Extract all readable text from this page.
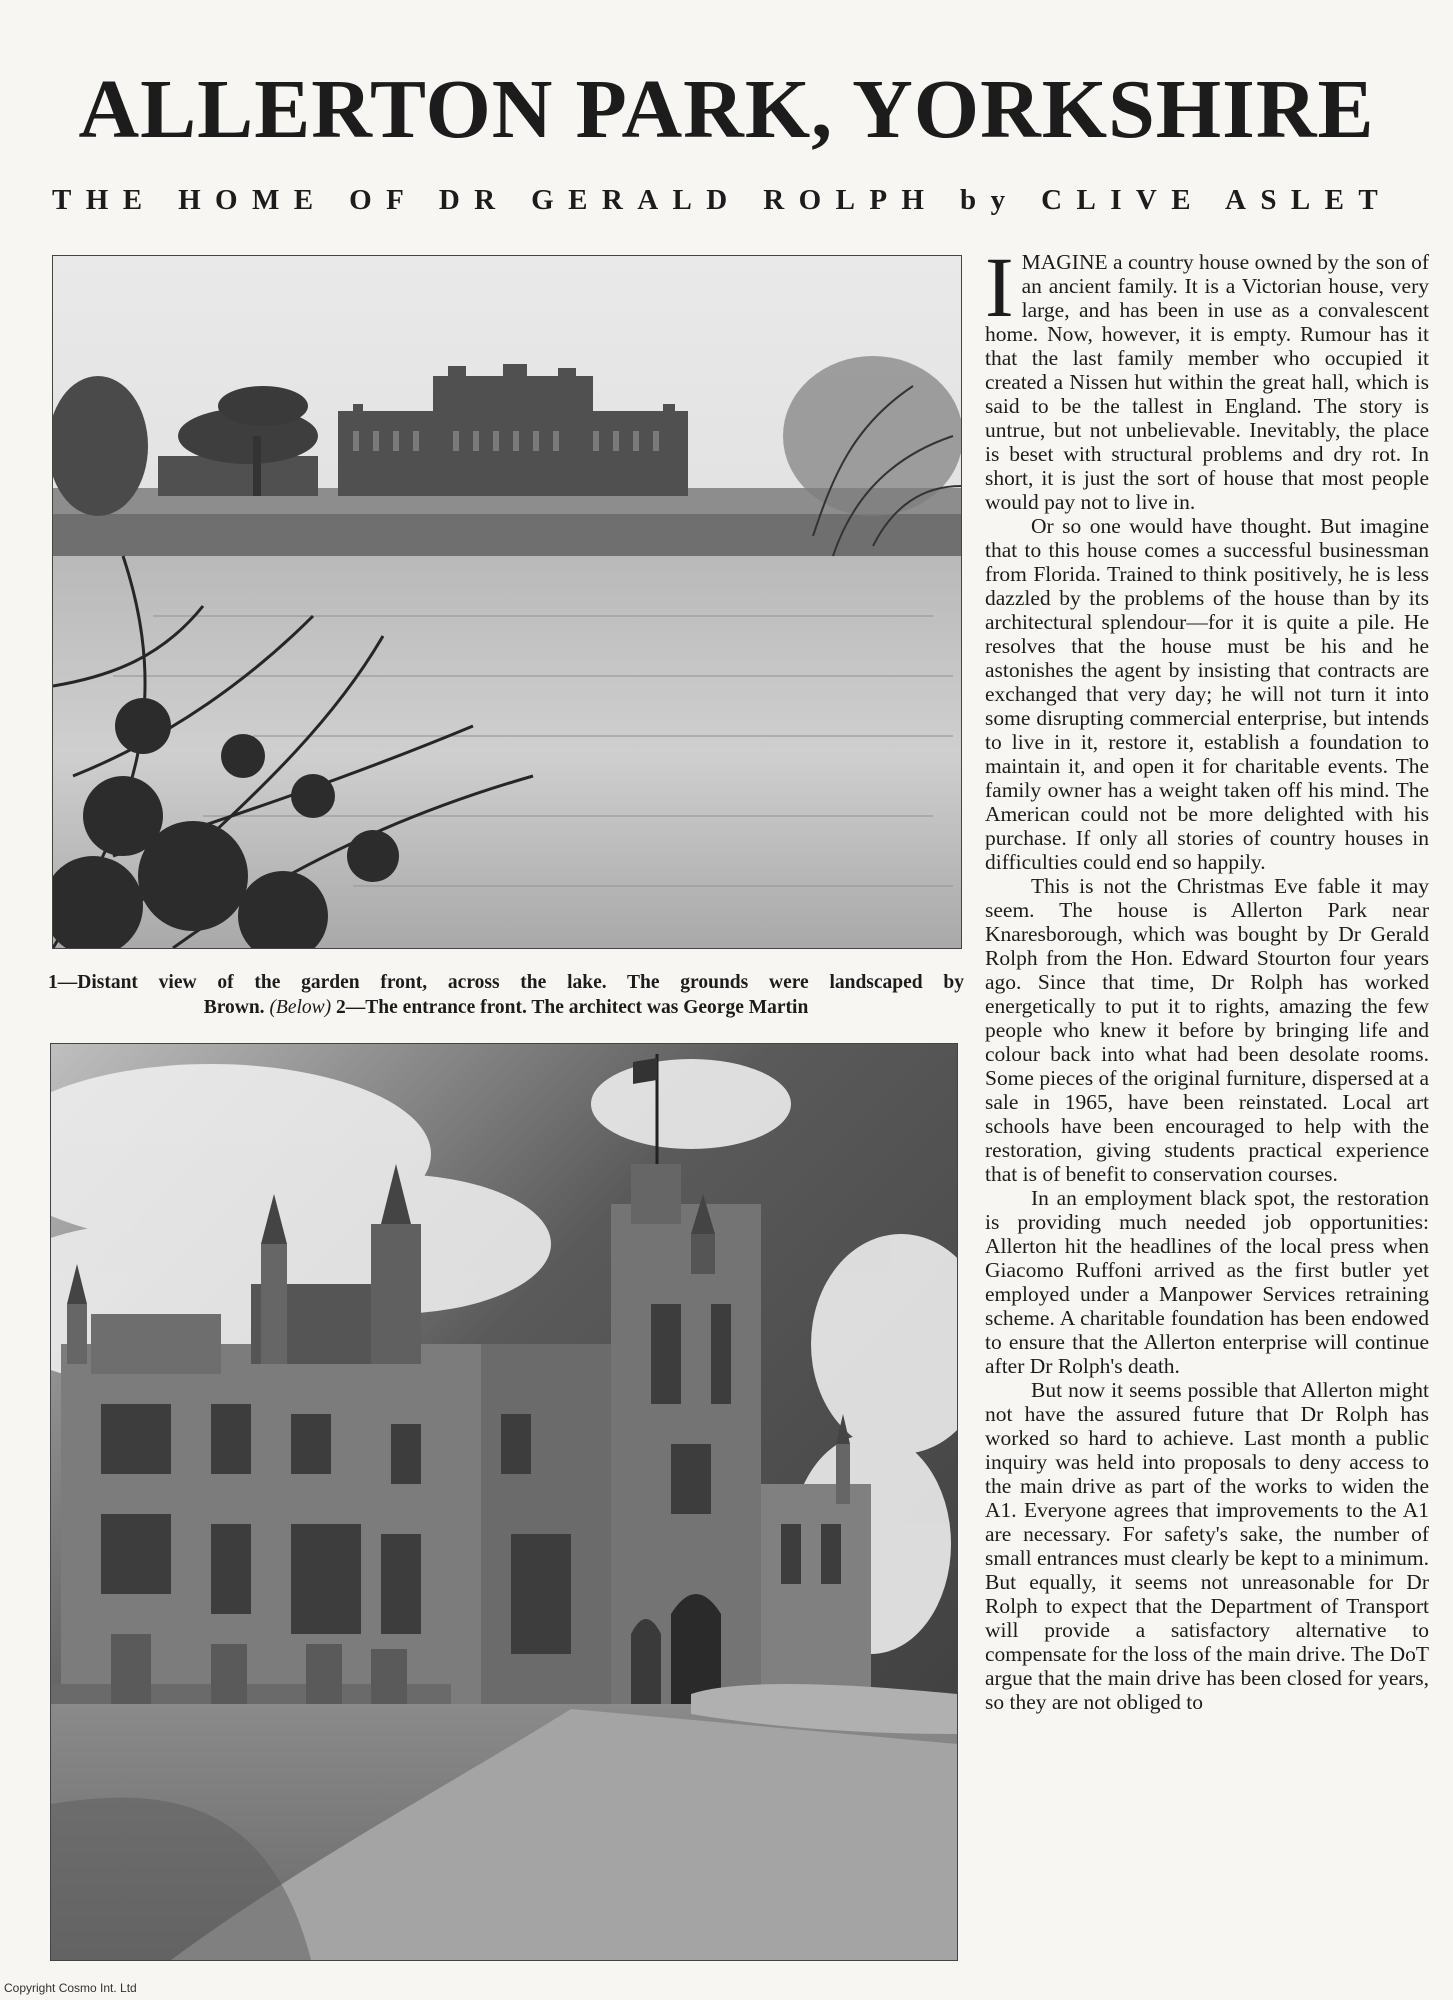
ALLERTON PARK, YORKSHIRE
THE HOME OF DR GERALD ROLPH by CLIVE ASLET

1—Distant view of the garden front, across the lake. The grounds were landscaped by
Brown. (Below) 2—The entrance front. The architect was George Martin

IMAGINE a country house owned by the son of an ancient family. It is a Victorian house, very large, and has been in use as a convalescent home. Now, however, it is empty. Rumour has it that the last family member who occupied it created a Nissen hut within the great hall, which is said to be the tallest in England. The story is untrue, but not unbelievable. Inevitably, the place is beset with structural problems and dry rot. In short, it is just the sort of house that most people would pay not to live in.

Or so one would have thought. But imagine that to this house comes a successful businessman from Florida. Trained to think positively, he is less dazzled by the problems of the house than by its architectural splendour—for it is quite a pile. He resolves that the house must be his and he astonishes the agent by insisting that contracts are exchanged that very day; he will not turn it into some disrupting commercial enterprise, but intends to live in it, restore it, establish a foundation to maintain it, and open it for charitable events. The family owner has a weight taken off his mind. The American could not be more delighted with his purchase. If only all stories of country houses in difficulties could end so happily.

This is not the Christmas Eve fable it may seem. The house is Allerton Park near Knaresborough, which was bought by Dr Gerald Rolph from the Hon. Edward Stourton four years ago. Since that time, Dr Rolph has worked energetically to put it to rights, amazing the few people who knew it before by bringing life and colour back into what had been desolate rooms. Some pieces of the original furniture, dispersed at a sale in 1965, have been reinstated. Local art schools have been encouraged to help with the restoration, giving students practical experience that is of benefit to conservation courses.

In an employment black spot, the restoration is providing much needed job opportunities: Allerton hit the headlines of the local press when Giacomo Ruffoni arrived as the first butler yet employed under a Manpower Services retraining scheme. A charitable foundation has been endowed to ensure that the Allerton enterprise will continue after Dr Rolph's death.

But now it seems possible that Allerton might not have the assured future that Dr Rolph has worked so hard to achieve. Last month a public inquiry was held into proposals to deny access to the main drive as part of the works to widen the A1. Everyone agrees that improvements to the A1 are necessary. For safety's sake, the number of small entrances must clearly be kept to a minimum. But equally, it seems not unreasonable for Dr Rolph to expect that the Department of Transport will provide a satisfactory alternative to compensate for the loss of the main drive. The DoT argue that the main drive has been closed for years, so they are not obliged to

Copyright Cosmo Int. Ltd
